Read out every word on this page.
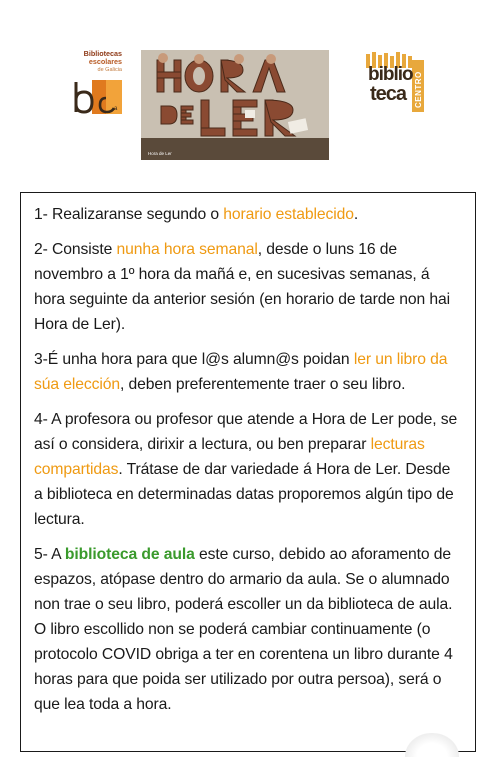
Bibliotecas
escolares
de Galicia
a
Hora de Ler
biblio
teca CENTRO

1- Realizaranse segundo o horario establecido.

2- Consiste nunha hora semanal, desde o luns 16 de novembro a 1º hora da mañá e, en sucesivas semanas, á hora seguinte da anterior sesión (en horario de tarde non hai Hora de Ler).

3-É unha hora para que l@s alumn@s poidan ler un libro da súa elección, deben preferentemente traer o seu libro.

4- A profesora ou profesor que atende a Hora de Ler pode, se así o considera, dirixir a lectura, ou ben preparar lecturas compartidas. Trátase de dar variedade á Hora de Ler. Desde a biblioteca en determinadas datas proporemos algún tipo de lectura.

5- A biblioteca de aula este curso, debido ao aforamento de espazos, atópase dentro do armario da aula. Se o alumnado non trae o seu libro, poderá escoller un da biblioteca de aula. O libro escollido non se poderá cambiar continuamente (o protocolo COVID obriga a ter en corentena un libro durante 4 horas para que poida ser utilizado por outra persoa), será o que lea toda a hora.
